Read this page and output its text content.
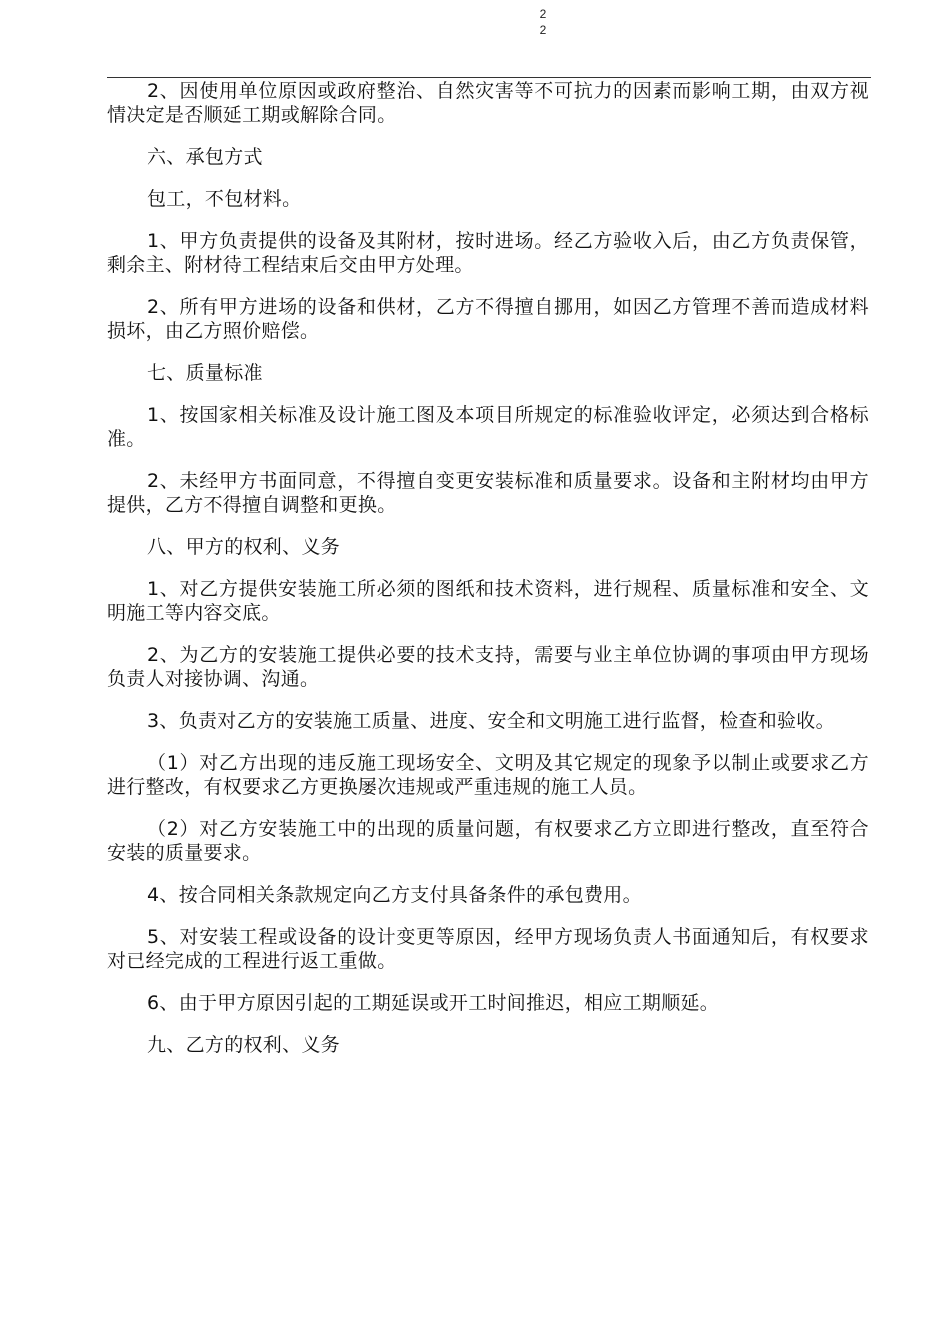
2
2

2、因使用单位原因或政府整治、自然灾害等不可抗力的因素而影响工期，由双方视情决定是否顺延工期或解除合同。

六、承包方式

包工，不包材料。

1、甲方负责提供的设备及其附材，按时进场。经乙方验收入后，由乙方负责保管，剩余主、附材待工程结束后交由甲方处理。

2、所有甲方进场的设备和供材，乙方不得擅自挪用，如因乙方管理不善而造成材料损坏，由乙方照价赔偿。

七、质量标准

1、按国家相关标准及设计施工图及本项目所规定的标准验收评定，必须达到合格标准。

2、未经甲方书面同意，不得擅自变更安装标准和质量要求。设备和主附材均由甲方提供，乙方不得擅自调整和更换。

八、甲方的权利、义务

1、对乙方提供安装施工所必须的图纸和技术资料，进行规程、质量标准和安全、文明施工等内容交底。

2、为乙方的安装施工提供必要的技术支持，需要与业主单位协调的事项由甲方现场负责人对接协调、沟通。

3、负责对乙方的安装施工质量、进度、安全和文明施工进行监督，检查和验收。

（1）对乙方出现的违反施工现场安全、文明及其它规定的现象予以制止或要求乙方进行整改，有权要求乙方更换屡次违规或严重违规的施工人员。

（2）对乙方安装施工中的出现的质量问题，有权要求乙方立即进行整改，直至符合安装的质量要求。

4、按合同相关条款规定向乙方支付具备条件的承包费用。

5、对安装工程或设备的设计变更等原因，经甲方现场负责人书面通知后，有权要求对已经完成的工程进行返工重做。

6、由于甲方原因引起的工期延误或开工时间推迟，相应工期顺延。

九、乙方的权利、义务
